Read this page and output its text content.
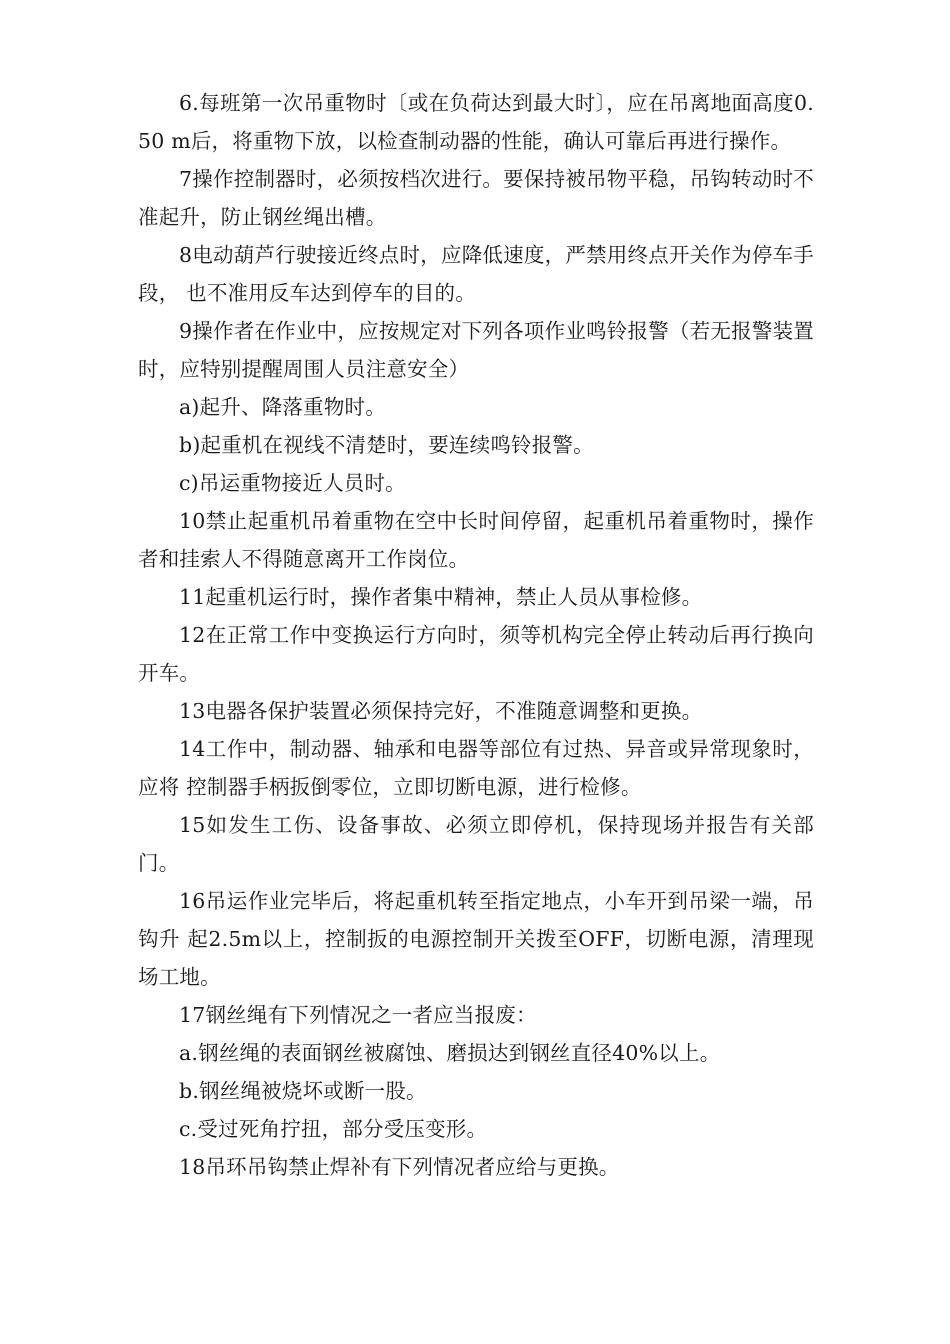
6.每班第一次吊重物时〔或在负荷达到最大时〕，应在吊离地面高度0.50 m后，将重物下放，以检查制动器的性能，确认可靠后再进行操作。

7操作控制器时，必须按档次进行。要保持被吊物平稳，吊钩转动时不准起升，防止钢丝绳出槽。

8电动葫芦行驶接近终点时，应降低速度，严禁用终点开关作为停车手段， 也不准用反车达到停车的目的。

9操作者在作业中，应按规定对下列各项作业鸣铃报警（若无报警装置时，应特别提醒周围人员注意安全）

a)起升、降落重物时。

b)起重机在视线不清楚时，要连续鸣铃报警。

c)吊运重物接近人员时。

10禁止起重机吊着重物在空中长时间停留，起重机吊着重物时，操作者和挂索人不得随意离开工作岗位。

11起重机运行时，操作者集中精神，禁止人员从事检修。

12在正常工作中变换运行方向时，须等机构完全停止转动后再行换向开车。

13电器各保护装置必须保持完好，不准随意调整和更换。

14工作中，制动器、轴承和电器等部位有过热、异音或异常现象时，应将 控制器手柄扳倒零位，立即切断电源，进行检修。

15如发生工伤、设备事故、必须立即停机，保持现场并报告有关部门。

16吊运作业完毕后，将起重机转至指定地点，小车开到吊梁一端，吊钩升 起2.5m以上，控制扳的电源控制开关拨至OFF，切断电源，清理现场工地。

17钢丝绳有下列情况之一者应当报废：

a.钢丝绳的表面钢丝被腐蚀、磨损达到钢丝直径40%以上。

b.钢丝绳被烧坏或断一股。

c.受过死角拧扭，部分受压变形。

18吊环吊钩禁止焊补有下列情况者应给与更换。
